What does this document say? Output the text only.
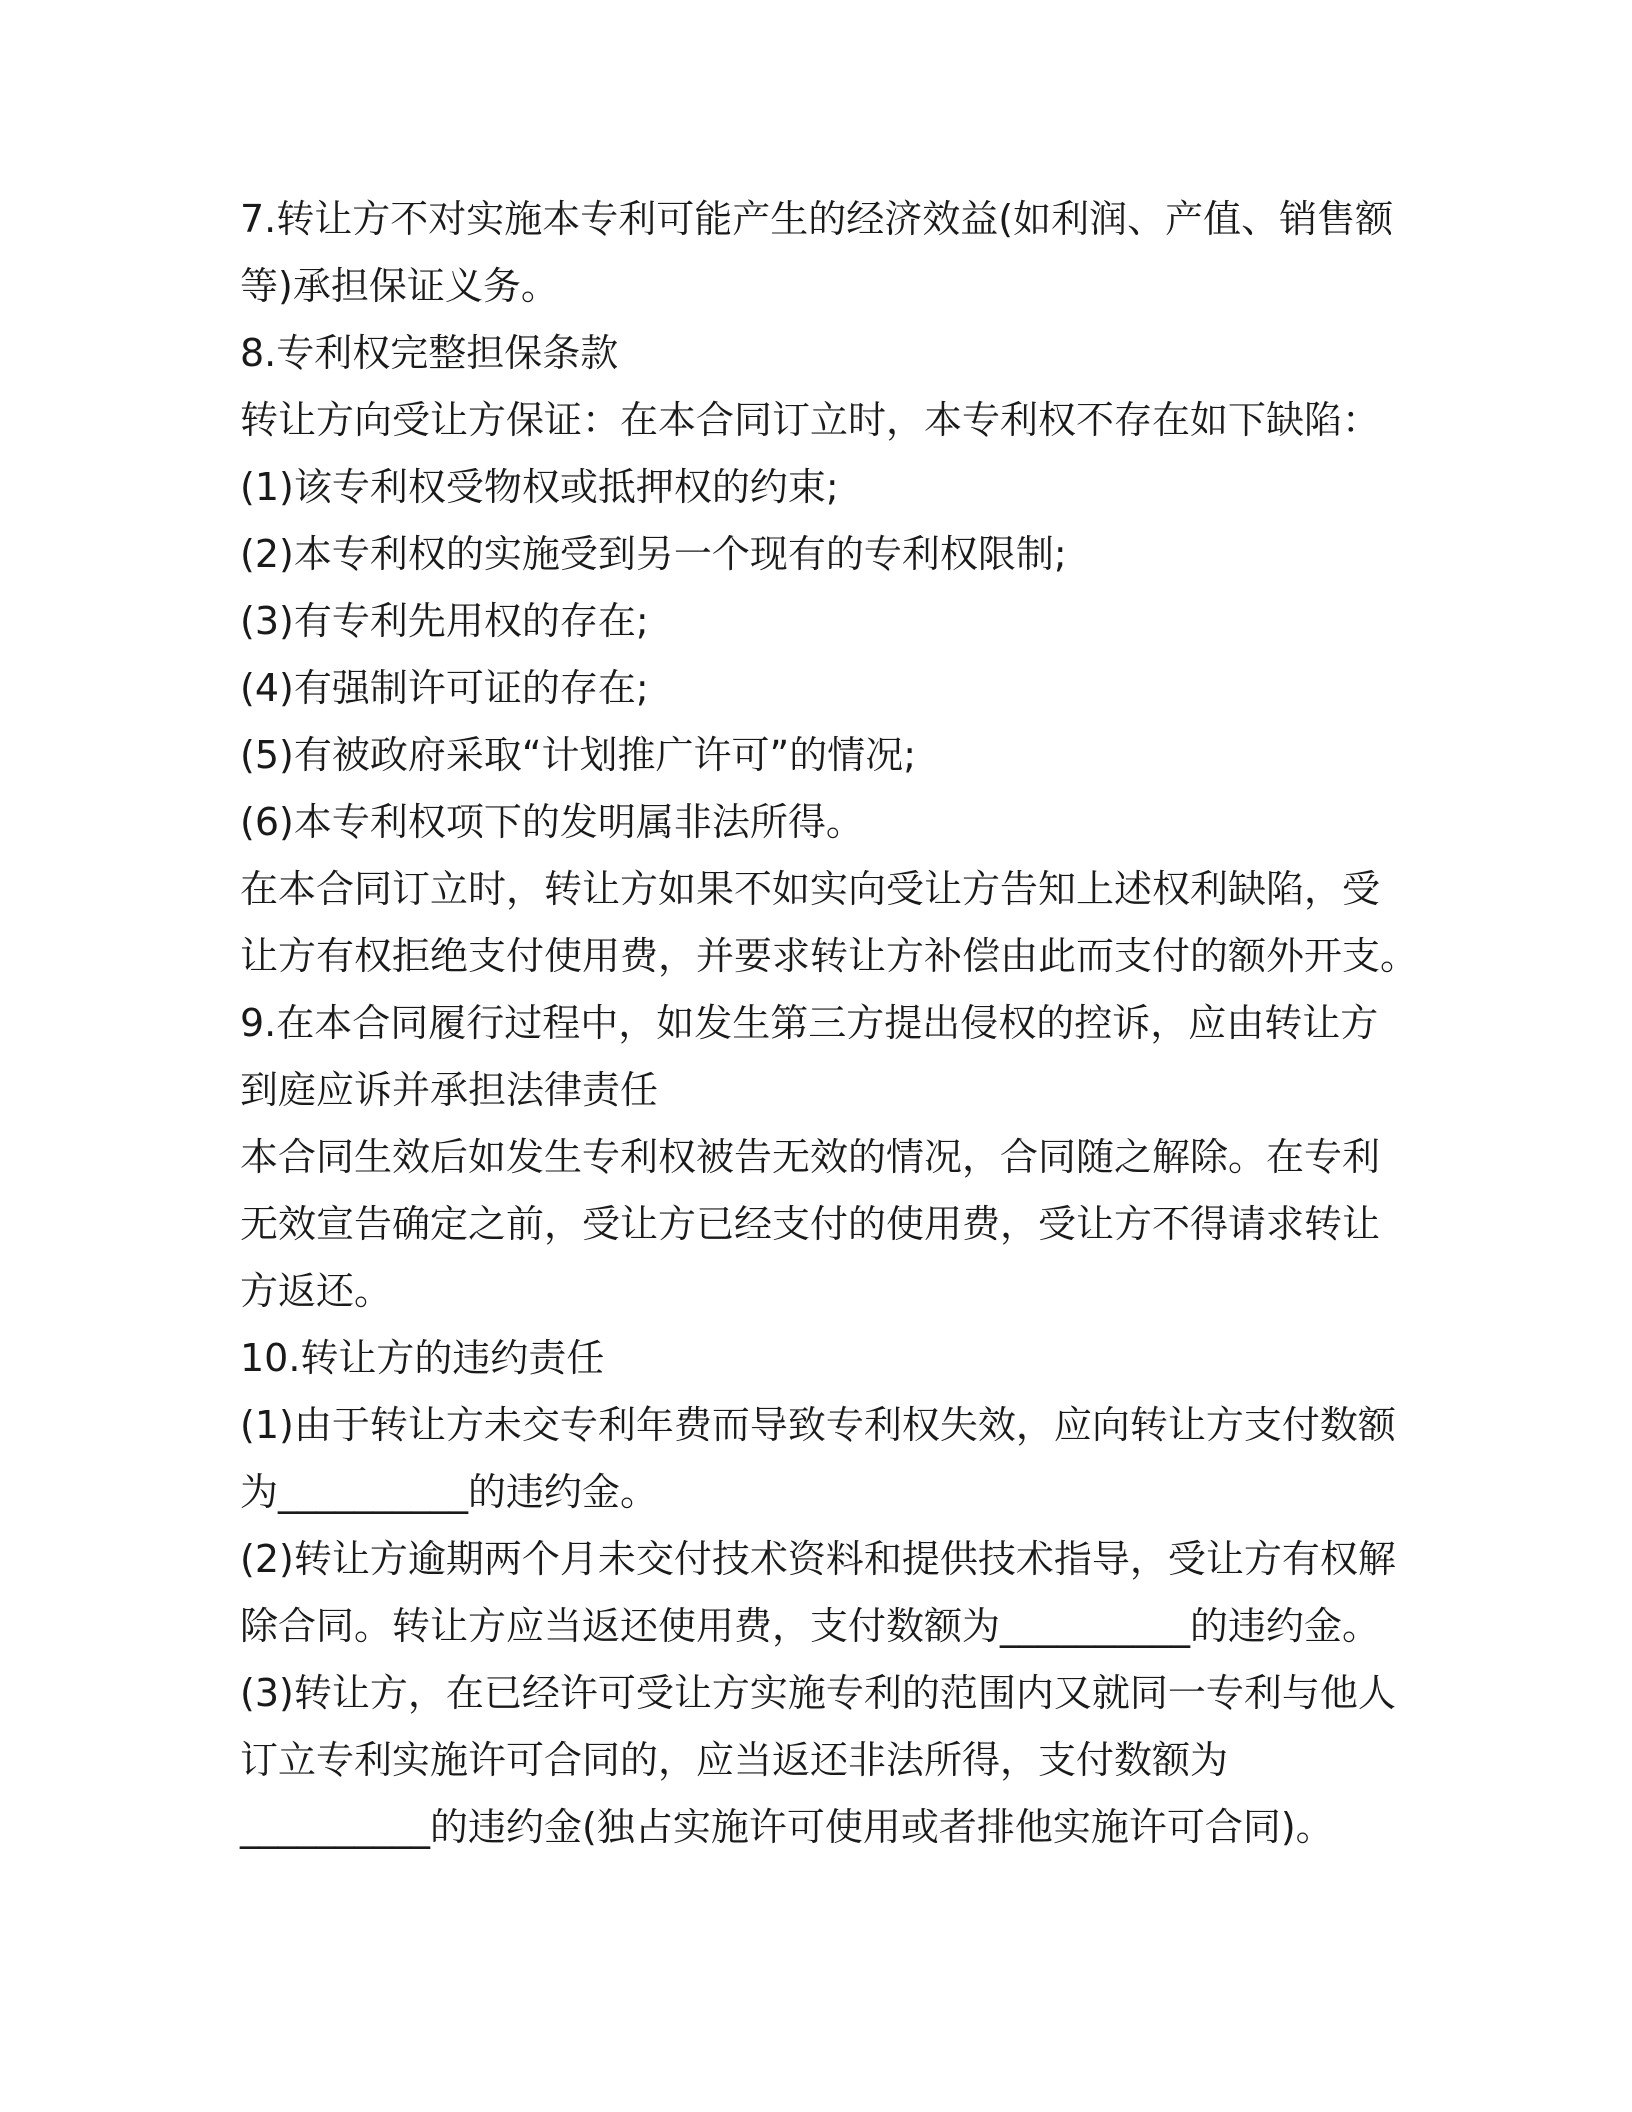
7.转让方不对实施本专利可能产生的经济效益(如利润、产值、销售额
等)承担保证义务。
8.专利权完整担保条款
转让方向受让方保证：在本合同订立时，本专利权不存在如下缺陷：
(1)该专利权受物权或抵押权的约束;
(2)本专利权的实施受到另一个现有的专利权限制;
(3)有专利先用权的存在;
(4)有强制许可证的存在;
(5)有被政府采取“计划推广许可”的情况;
(6)本专利权项下的发明属非法所得。
在本合同订立时，转让方如果不如实向受让方告知上述权利缺陷，受
让方有权拒绝支付使用费，并要求转让方补偿由此而支付的额外开支。
9.在本合同履行过程中，如发生第三方提出侵权的控诉，应由转让方
到庭应诉并承担法律责任
本合同生效后如发生专利权被告无效的情况，合同随之解除。在专利
无效宣告确定之前，受让方已经支付的使用费，受让方不得请求转让
方返还。
10.转让方的违约责任
(1)由于转让方未交专利年费而导致专利权失效，应向转让方支付数额
为__________的违约金。
(2)转让方逾期两个月未交付技术资料和提供技术指导，受让方有权解
除合同。转让方应当返还使用费，支付数额为__________的违约金。
(3)转让方，在已经许可受让方实施专利的范围内又就同一专利与他人
订立专利实施许可合同的，应当返还非法所得，支付数额为
__________的违约金(独占实施许可使用或者排他实施许可合同)。
